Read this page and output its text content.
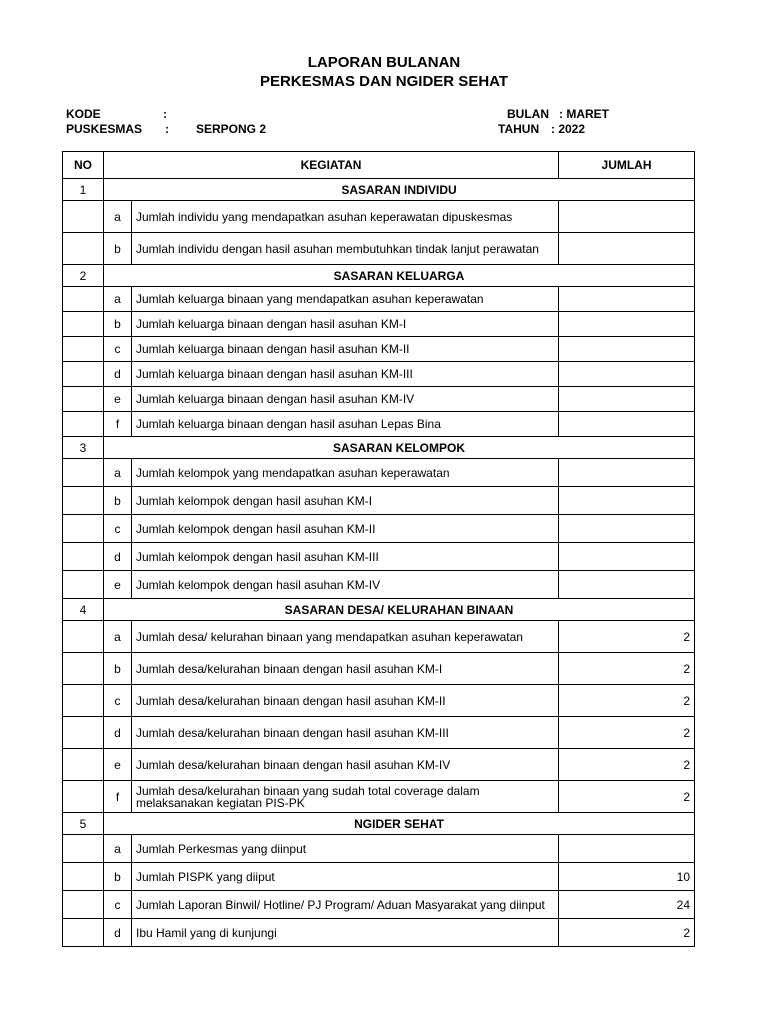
LAPORAN BULANAN
PERKESMAS DAN NGIDER SEHAT
KODE	:
PUSKESMAS : SERPONG 2
BULAN : MARET
TAHUN : 2022
NO	KEGIATAN		JUMLAH
1	SASARAN INDIVIDU		
	a	Jumlah individu yang mendapatkan asuhan keperawatan dipuskesmas	
	b	Jumlah individu dengan hasil asuhan membutuhkan tindak lanjut perawatan	
2	SASARAN KELUARGA		
	a	Jumlah keluarga binaan yang mendapatkan asuhan keperawatan	
	b	Jumlah keluarga binaan dengan hasil asuhan KM-I	
	c	Jumlah keluarga binaan dengan hasil asuhan KM-II	
	d	Jumlah keluarga binaan dengan hasil asuhan KM-III	
	e	Jumlah keluarga binaan dengan hasil asuhan KM-IV	
	f	Jumlah keluarga binaan dengan hasil asuhan Lepas Bina	
3	SASARAN KELOMPOK		
	a	Jumlah kelompok yang mendapatkan asuhan keperawatan	
	b	Jumlah kelompok dengan hasil asuhan KM-I	
	c	Jumlah kelompok dengan hasil asuhan KM-II	
	d	Jumlah kelompok dengan hasil asuhan KM-III	
	e	Jumlah kelompok dengan hasil asuhan KM-IV	
4	SASARAN DESA/ KELURAHAN BINAAN		
	a	Jumlah desa/ kelurahan binaan yang mendapatkan asuhan keperawatan	2
	b	Jumlah desa/kelurahan binaan dengan hasil asuhan KM-I	2
	c	Jumlah desa/kelurahan binaan dengan hasil asuhan KM-II	2
	d	Jumlah desa/kelurahan binaan dengan hasil asuhan KM-III	2
	e	Jumlah desa/kelurahan binaan dengan hasil asuhan KM-IV	2
	f	Jumlah desa/kelurahan binaan yang sudah total coverage dalam melaksanakan kegiatan PIS-PK	2
5	NGIDER SEHAT		
	a	Jumlah Perkesmas yang diinput	
	b	Jumlah PISPK yang diiput	10
	c	Jumlah Laporan Binwil/ Hotline/ PJ Program/ Aduan Masyarakat yang diinput	24
	d	Ibu Hamil yang di kunjungi	2
